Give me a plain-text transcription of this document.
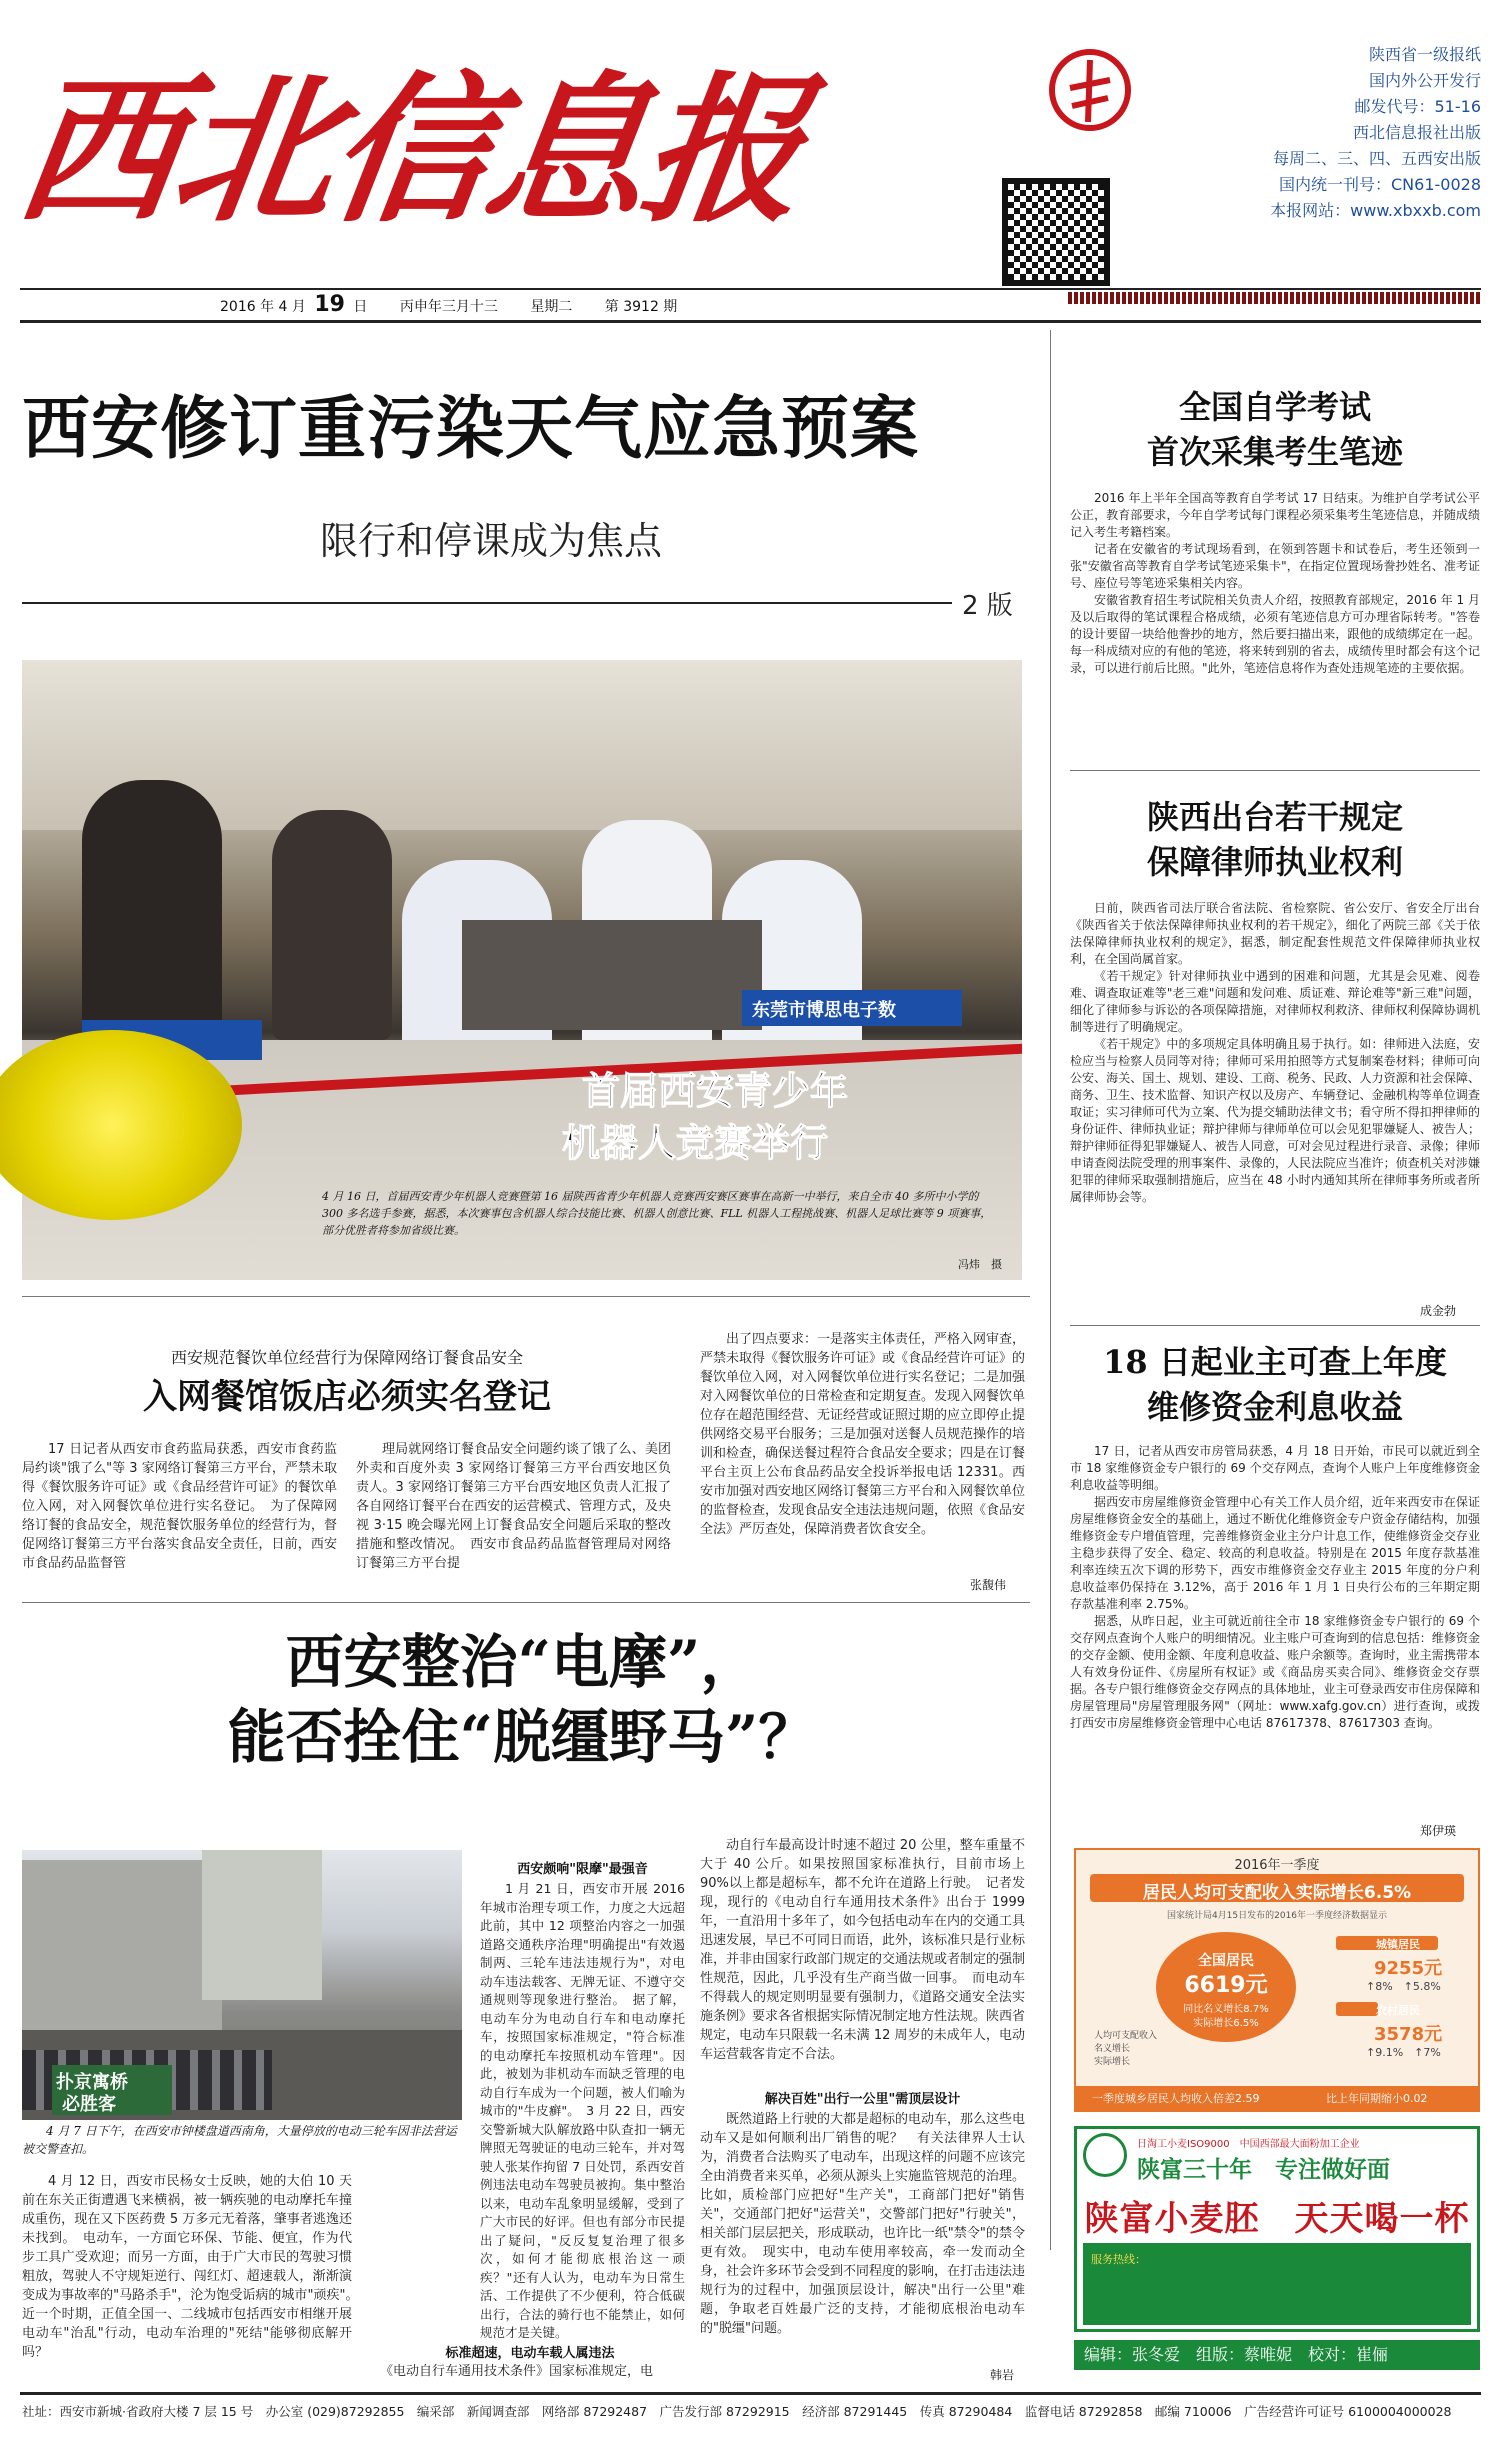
西北信息报
陕西省一级报纸
国内外公开发行
邮发代号：51-16
西北信息报社出版
每周二、三、四、五西安出版
国内统一刊号：CN61-0028
本报网站：www.xbxxb.com
2016 年 4 月 19 日 丙申年三月十三 星期二 第 3912 期
西安修订重污染天气应急预案
限行和停课成为焦点
2 版
东莞市博思电子数
首届西安青少年
机器人竞赛举行
4 月 16 日，首届西安青少年机器人竞赛暨第 16 届陕西省青少年机器人竞赛西安赛区赛事在高新一中举行，来自全市 40 多所中小学的 300 多名选手参赛，据悉，本次赛事包含机器人综合技能比赛、机器人创意比赛、FLL 机器人工程挑战赛、机器人足球比赛等 9 项赛事，部分优胜者将参加省级比赛。
冯炜　摄
全国自学考试
首次采集考生笔迹

2016 年上半年全国高等教育自学考试 17 日结束。为维护自学考试公平公正，教育部要求，今年自学考试每门课程必须采集考生笔迹信息，并随成绩记入考生考籍档案。

记者在安徽省的考试现场看到，在领到答题卡和试卷后，考生还领到一张"安徽省高等教育自学考试笔迹采集卡"，在指定位置现场誊抄姓名、准考证号、座位号等笔迹采集相关内容。

安徽省教育招生考试院相关负责人介绍，按照教育部规定，2016 年 1 月及以后取得的笔试课程合格成绩，必须有笔迹信息方可办理省际转考。"答卷的设计要留一块给他誊抄的地方，然后要扫描出来，跟他的成绩绑定在一起。每一科成绩对应的有他的笔迹，将来转到别的省去，成绩传里时都会有这个记录，可以进行前后比照。"此外，笔迹信息将作为查处违规笔迹的主要依据。

陕西出台若干规定
保障律师执业权利

日前，陕西省司法厅联合省法院、省检察院、省公安厅、省安全厅出台《陕西省关于依法保障律师执业权利的若干规定》，细化了两院三部《关于依法保障律师执业权利的规定》，据悉，制定配套性规范文件保障律师执业权利，在全国尚属首家。

《若干规定》针对律师执业中遇到的困难和问题，尤其是会见难、阅卷难、调查取证难等"老三难"问题和发问难、质证难、辩论难等"新三难"问题，细化了律师参与诉讼的各项保障措施，对律师权利救济、律师权利保障协调机制等进行了明确规定。

《若干规定》中的多项规定具体明确且易于执行。如：律师进入法庭，安检应当与检察人员同等对待；律师可采用拍照等方式复制案卷材料；律师可向公安、海关、国土、规划、建设、工商、税务、民政、人力资源和社会保障、商务、卫生、技术监督、知识产权以及房产、车辆登记、金融机构等单位调查取证；实习律师可代为立案、代为提交辅助法律文书；看守所不得扣押律师的身份证件、律师执业证；辩护律师与律师单位可以会见犯罪嫌疑人、被告人；辩护律师征得犯罪嫌疑人、被告人同意，可对会见过程进行录音、录像；律师申请查阅法院受理的刑事案件、录像的，人民法院应当准许；侦查机关对涉嫌犯罪的律师采取强制措施后，应当在 48 小时内通知其所在律师事务所或者所属律师协会等。

成金勃
18 日起业主可查上年度
维修资金利息收益

17 日，记者从西安市房管局获悉，4 月 18 日开始，市民可以就近到全市 18 家维修资金专户银行的 69 个交存网点，查询个人账户上年度维修资金利息收益等明细。

据西安市房屋维修资金管理中心有关工作人员介绍，近年来西安市在保证房屋维修资金安全的基础上，通过不断优化维修资金专户资金存储结构，加强维修资金专户增值管理，完善维修资金业主分户计息工作，使维修资金交存业主稳步获得了安全、稳定、较高的利息收益。特别是在 2015 年度存款基准利率连续五次下调的形势下，西安市维修资金交存业主 2015 年度的分户利息收益率仍保持在 3.12%，高于 2016 年 1 月 1 日央行公布的三年期定期存款基准利率 2.75%。

据悉，从昨日起，业主可就近前往全市 18 家维修资金专户银行的 69 个交存网点查询个人账户的明细情况。业主账户可查询到的信息包括：维修资金的交存金额、使用金额、年度利息收益、账户余额等。查询时，业主需携带本人有效身份证件、《房屋所有权证》或《商品房买卖合同》、维修资金交存票据。各专户银行维修资金交存网点的具体地址，业主可登录西安市住房保障和房屋管理局"房屋管理服务网"（网址：www.xafg.gov.cn）进行查询，或拨打西安市房屋维修资金管理中心电话 87617378、87617303 查询。

郑伊瑛
2016年一季度
居民人均可支配收入实际增长6.5%
国家统计局4月15日发布的2016年一季度经济数据显示
全国居民
6619元
同比名义增长8.7%
实际增长6.5%
城镇居民
9255元
↑8%　↑5.8%
农村居民
3578元
↑9.1%　↑7%
人均可支配收入
名义增长
实际增长
一季度城乡居民人均收入倍差2.59	比上年同期缩小0.02
日淘工小麦ISO9000　中国西部最大面粉加工企业
陕富三十年　专注做好面
陕富小麦胚　天天喝一杯
服务热线：
编辑：张冬爱　组版：蔡唯妮　校对：崔俪
西安规范餐饮单位经营行为保障网络订餐食品安全
入网餐馆饭店必须实名登记
17 日记者从西安市食药监局获悉，西安市食药监局约谈"饿了么"等 3 家网络订餐第三方平台，严禁未取得《餐饮服务许可证》或《食品经营许可证》的餐饮单位入网，对入网餐饮单位进行实名登记。　为了保障网络订餐的食品安全，规范餐饮服务单位的经营行为，督促网络订餐第三方平台落实食品安全责任，日前，西安市食品药品监督管
理局就网络订餐食品安全问题约谈了饿了么、美团外卖和百度外卖 3 家网络订餐第三方平台西安地区负责人。3 家网络订餐第三方平台西安地区负责人汇报了各自网络订餐平台在西安的运营模式、管理方式，及央视 3·15 晚会曝光网上订餐食品安全问题后采取的整改措施和整改情况。　西安市食品药品监督管理局对网络订餐第三方平台提
出了四点要求：一是落实主体责任，严格入网审查，严禁未取得《餐饮服务许可证》或《食品经营许可证》的餐饮单位入网，对入网餐饮单位进行实名登记；二是加强对入网餐饮单位的日常检查和定期复查。发现入网餐饮单位存在超范围经营、无证经营或证照过期的应立即停止提供网络交易平台服务；三是加强对送餐人员规范操作的培训和检查，确保送餐过程符合食品安全要求；四是在订餐平台主页上公布食品药品安全投诉举报电话 12331。西安市加强对西安地区网络订餐第三方平台和入网餐饮单位的监督检查，发现食品安全违法违规问题，依照《食品安全法》严厉查处，保障消费者饮食安全。
张馥伟
西安整治“电摩”，
能否拴住“脱缰野马”？
扑京寓桥
必胜客
4 月 7 日下午，在西安市钟楼盘道西南角，大量停放的电动三轮车因非法营运被交警查扣。
4 月 12 日，西安市民杨女士反映，她的大伯 10 天前在东关正街遭遇飞来横祸，被一辆疾驰的电动摩托车撞成重伤，现在又下医药费 5 万多元无着落，肇事者逃逸还未找到。　电动车，一方面它环保、节能、便宜，作为代步工具广受欢迎；而另一方面，由于广大市民的驾驶习惯粗放，驾驶人不守规矩逆行、闯红灯、超速载人，渐渐演变成为事故率的"马路杀手"，沦为饱受诟病的城市"顽疾"。　近一个时期，正值全国一、二线城市包括西安市相继开展电动车"治乱"行动，电动车治理的"死结"能够彻底解开吗？
西安颇响"限摩"最强音
1 月 21 日，西安市开展 2016 年城市治理专项工作，力度之大远超此前，其中 12 项整治内容之一加强道路交通秩序治理"明确提出"有效遏制两、三轮车违法违规行为"，对电动车违法载客、无牌无证、不遵守交通规则等现象进行整治。　据了解，电动车分为电动自行车和电动摩托车，按照国家标准规定，"符合标准的电动摩托车按照机动车管理"。因此，被划为非机动车而缺乏管理的电动自行车成为一个问题，被人们喻为城市的"牛皮癣"。　3 月 22 日，西安交警新城大队解放路中队查扣一辆无牌照无驾驶证的电动三轮车，并对驾驶人张某作拘留 7 日处罚，系西安首例违法电动车驾驶员被拘。集中整治以来，电动车乱象明显缓解，受到了广大市民的好评。但也有部分市民提出了疑问，"反反复复治理了很多次，如何才能彻底根治这一顽疾？"还有人认为，电动车为日常生活、工作提供了不少便利，符合低碳出行，合法的骑行也不能禁止，如何规范才是关键。
标准超速，电动车载人属违法
《电动自行车通用技术条件》国家标准规定，电
动自行车最高设计时速不超过 20 公里，整车重量不大于 40 公斤。如果按照国家标准执行，目前市场上 90%以上都是超标车，都不允许在道路上行驶。　记者发现，现行的《电动自行车通用技术条件》出台于 1999 年，一直沿用十多年了，如今包括电动车在内的交通工具迅速发展，早已不可同日而语，此外，该标准只是行业标准，并非由国家行政部门规定的交通法规或者制定的强制性规范，因此，几乎没有生产商当做一回事。　而电动车不得载人的规定则明显要有强制力，《道路交通安全法实施条例》要求各省根据实际情况制定地方性法规。陕西省规定，电动车只限载一名未满 12 周岁的未成年人，电动车运营载客肯定不合法。
解决百姓"出行一公里"需顶层设计
既然道路上行驶的大都是超标的电动车，那么这些电动车又是如何顺利出厂销售的呢？　有关法律界人士认为，消费者合法购买了电动车，出现这样的问题不应该完全由消费者来买单，必须从源头上实施监管规范的治理。比如，质检部门应把好"生产关"，工商部门把好"销售关"，交通部门把好"运营关"，交警部门把好"行驶关"，相关部门层层把关，形成联动，也许比一纸"禁令"的禁令更有效。　现实中，电动车使用率较高，牵一发而动全身，社会许多环节会受到不同程度的影响，在打击违法违规行为的过程中，加强顶层设计，解决"出行一公里"难题，争取老百姓最广泛的支持，才能彻底根治电动车的"脱缰"问题。
韩岩
社址：西安市新城·省政府大楼 7 层 15 号　办公室 (029)87292855　编采部　新闻调查部　网络部 87292487　广告发行部 87292915　经济部 87291445　传真 87290484　监督电话 87292858　邮编 710006　广告经营许可证号 6100004000028
